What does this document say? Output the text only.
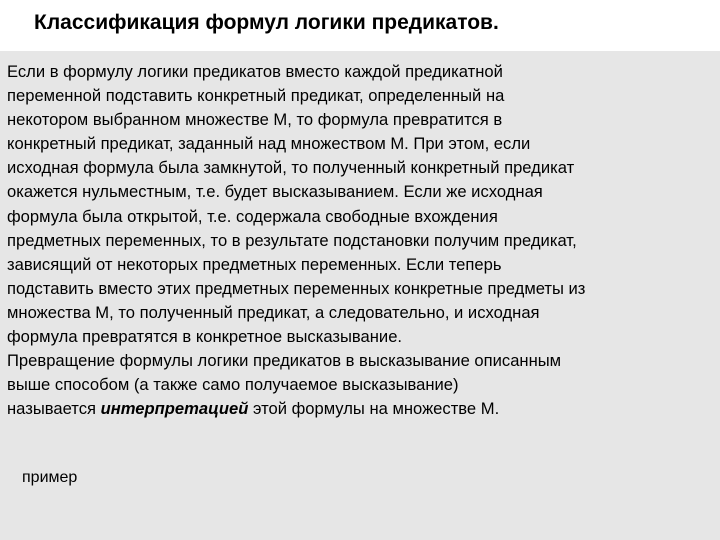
Классификация формул логики предикатов.
Если в формулу логики предикатов вместо каждой предикатной
переменной подставить конкретный предикат, определенный на
некотором выбранном множестве М, то формула превратится в
конкретный предикат, заданный над множеством М. При этом, если
исходная формула была замкнутой, то полученный конкретный предикат
окажется нульместным, т.е. будет высказыванием. Если же исходная
формула была открытой, т.е. содержала свободные вхождения
предметных переменных, то в результате подстановки получим предикат,
зависящий от некоторых предметных переменных. Если теперь
подставить вместо этих предметных переменных конкретные предметы из
множества М, то полученный предикат, а следовательно, и исходная
формула превратятся в конкретное высказывание.
Превращение формулы логики предикатов в высказывание описанным
выше способом (а также само получаемое высказывание)
называется интерпретацией этой формулы на множестве М.
пример
